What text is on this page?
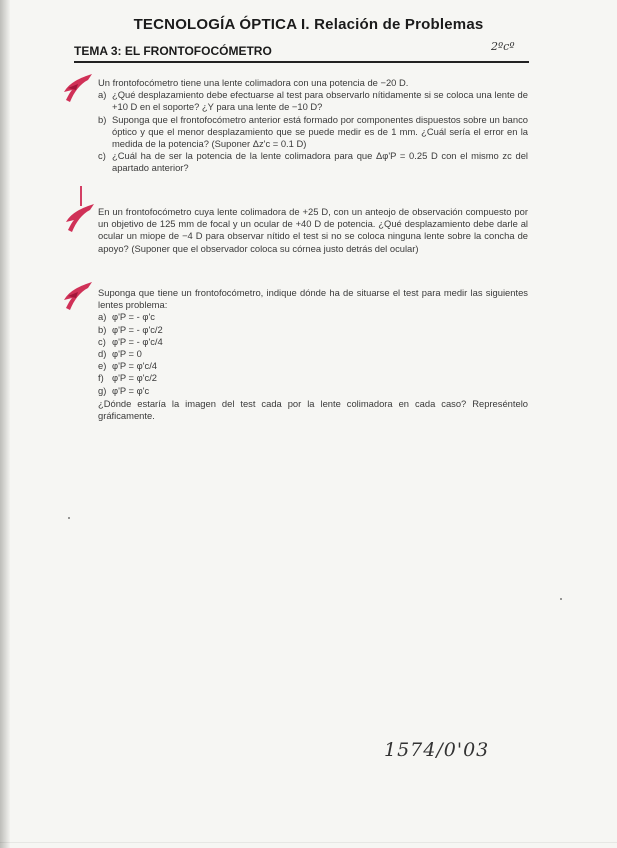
TECNOLOGÍA ÓPTICA I. Relación de Problemas
TEMA 3: EL FRONTOFOCÓMETRO	2ºcº
Un frontofocómetro tiene una lente colimadora con una potencia de −20 D.
a) ¿Qué desplazamiento debe efectuarse al test para observarlo nítidamente si se coloca una lente de +10 D en el soporte? ¿Y para una lente de −10 D?
b) Suponga que el frontofocómetro anterior está formado por componentes dispuestos sobre un banco óptico y que el menor desplazamiento que se puede medir es de 1 mm. ¿Cuál sería el error en la medida de la potencia? (Suponer Δz'c = 0.1 D)
c) ¿Cuál ha de ser la potencia de la lente colimadora para que Δφ'P = 0.25 D con el mismo zc del apartado anterior?
En un frontofocómetro cuya lente colimadora de +25 D, con un anteojo de observación compuesto por un objetivo de 125 mm de focal y un ocular de +40 D de potencia. ¿Qué desplazamiento debe darle al ocular un miope de −4 D para observar nítido el test si no se coloca ninguna lente sobre la concha de apoyo? (Suponer que el observador coloca su córnea justo detrás del ocular)
Suponga que tiene un frontofocómetro, indique dónde ha de situarse el test para medir las siguientes lentes problema:
a) φ'P = - φ'c
b) φ'P = - φ'c/2
c) φ'P = - φ'c/4
d) φ'P = 0
e) φ'P = φ'c/4
f) φ'P = φ'c/2
g) φ'P = φ'c
¿Dónde estaría la imagen del test cada por la lente colimadora en cada caso? Represéntelo gráficamente.
1574/0'03
